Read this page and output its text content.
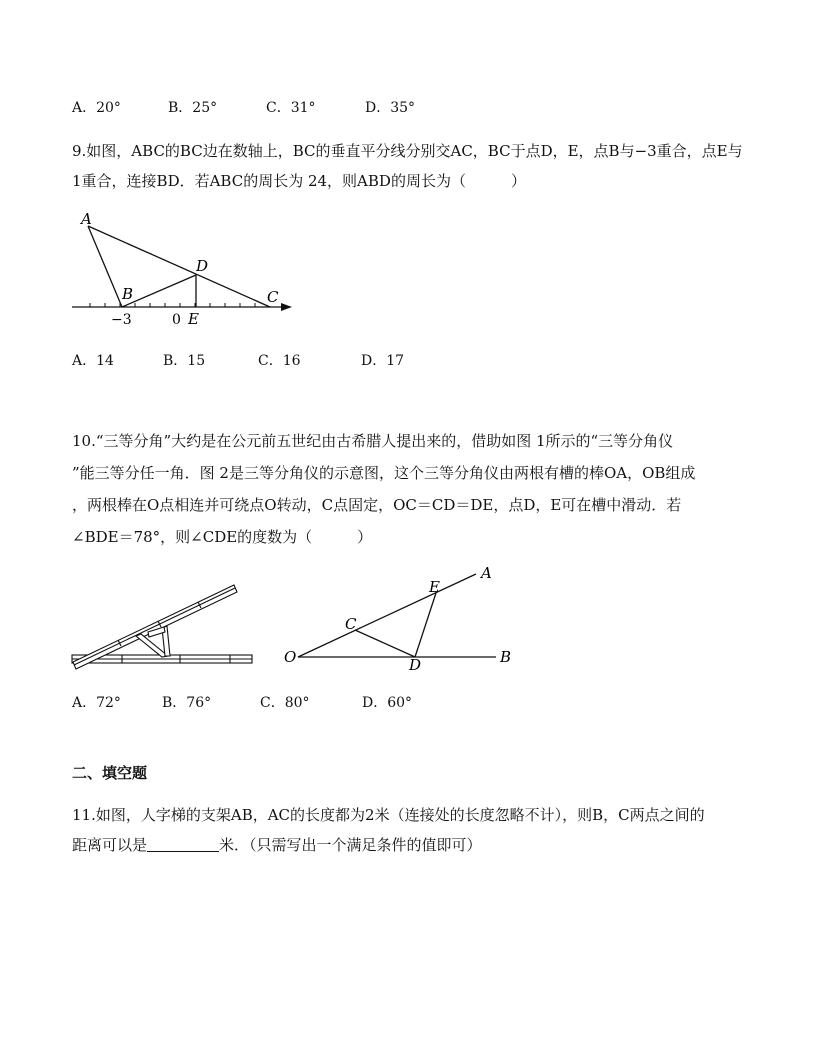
A．20°	B．25°	C．31°	D．35°
9.如图，ABC的BC边在数轴上，BC的垂直平分线分别交AC，BC于点D，E，点B与−3重合，点E与
1重合，连接BD．若ABC的周长为 24，则ABD的周长为（　　　）
A
B	C
D
E
−3	0
A．14	B．15	C．16	D．17
10.“三等分角”大约是在公元前五世纪由古希腊人提出来的，借助如图 1所示的“三等分角仪
”能三等分任一角．图 2是三等分角仪的示意图，这个三等分角仪由两根有槽的棒OA，OB组成
，两根棒在O点相连并可绕点O转动，C点固定，OC＝CD＝DE，点D，E可在槽中滑动．若
∠BDE＝78°，则∠CDE的度数为（　　　）
O
A
B
C
D
E
A．72°	B．76°	C．80°	D．60°
二、填空题
11.如图，人字梯的支架AB，AC的长度都为2米（连接处的长度忽略不计），则B，C两点之间的
距离可以是	米．（只需写出一个满足条件的值即可）
